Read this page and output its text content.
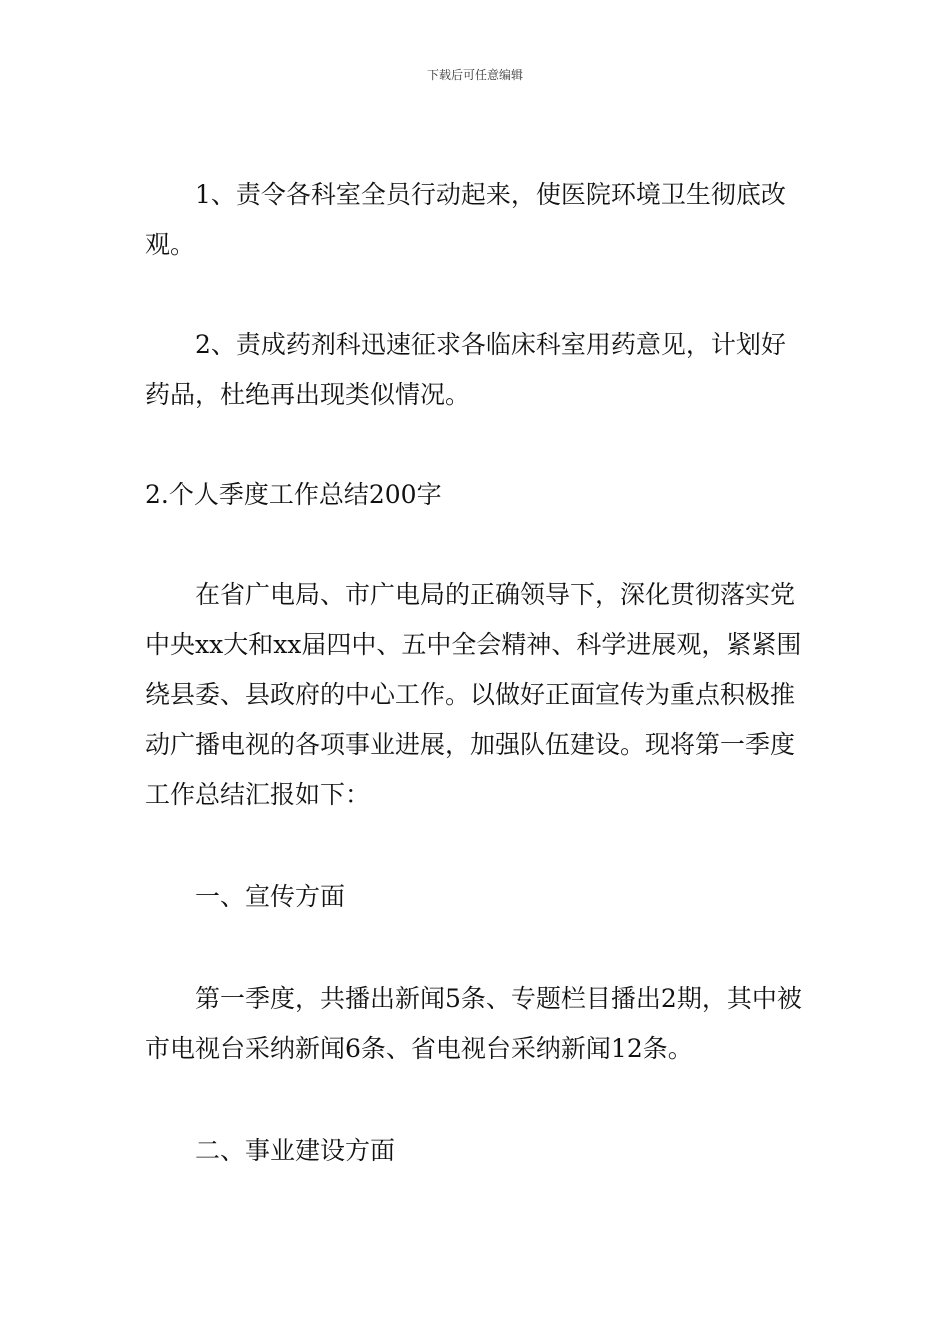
下载后可任意编辑

1、责令各科室全员行动起来，使医院环境卫生彻底改观。

2、责成药剂科迅速征求各临床科室用药意见，计划好药品，杜绝再出现类似情况。

2.个人季度工作总结200字

在省广电局、市广电局的正确领导下，深化贯彻落实党中央xx大和xx届四中、五中全会精神、科学进展观，紧紧围绕县委、县政府的中心工作。以做好正面宣传为重点积极推动广播电视的各项事业进展，加强队伍建设。现将第一季度工作总结汇报如下：

一、宣传方面

第一季度，共播出新闻5条、专题栏目播出2期，其中被市电视台采纳新闻6条、省电视台采纳新闻12条。

二、事业建设方面
